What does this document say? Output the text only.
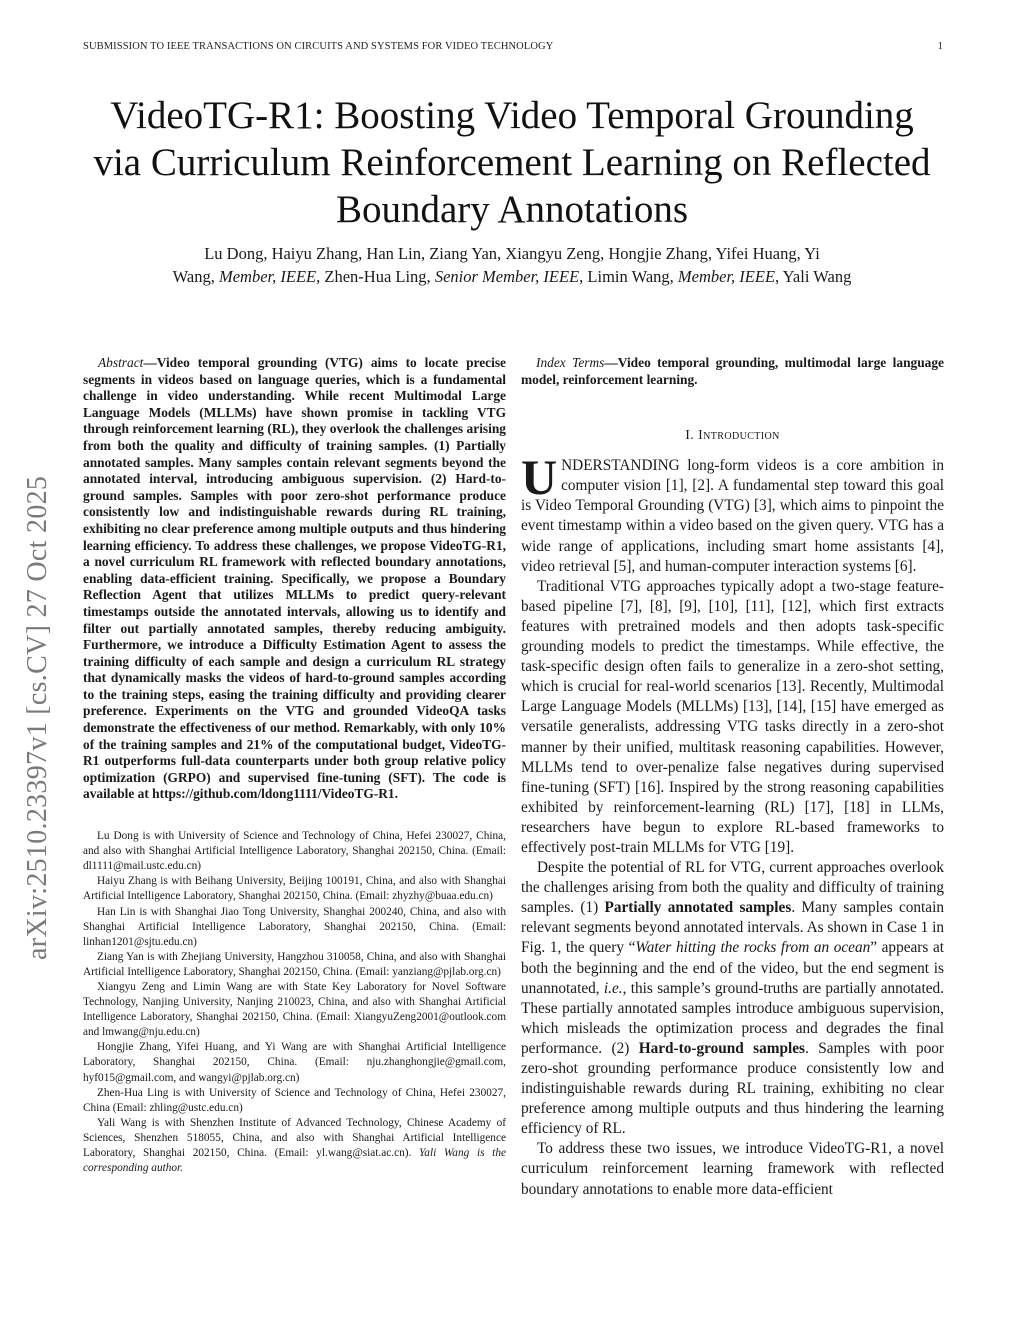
SUBMISSION TO IEEE TRANSACTIONS ON CIRCUITS AND SYSTEMS FOR VIDEO TECHNOLOGY	1
VideoTG-R1: Boosting Video Temporal Grounding
via Curriculum Reinforcement Learning on Reflected
Boundary Annotations
Lu Dong, Haiyu Zhang, Han Lin, Ziang Yan, Xiangyu Zeng, Hongjie Zhang, Yifei Huang, Yi
Wang, Member, IEEE, Zhen-Hua Ling, Senior Member, IEEE, Limin Wang, Member, IEEE, Yali Wang
arXiv:2510.23397v1 [cs.CV] 27 Oct 2025

Abstract—Video temporal grounding (VTG) aims to locate precise segments in videos based on language queries, which is a fundamental challenge in video understanding. While recent Multimodal Large Language Models (MLLMs) have shown promise in tackling VTG through reinforcement learning (RL), they overlook the challenges arising from both the quality and difficulty of training samples. (1) Partially annotated samples. Many samples contain relevant segments beyond the annotated interval, introducing ambiguous supervision. (2) Hard-to-ground samples. Samples with poor zero-shot performance produce consistently low and indistinguishable rewards during RL training, exhibiting no clear preference among multiple outputs and thus hindering learning efficiency. To address these challenges, we propose VideoTG-R1, a novel curriculum RL framework with reflected boundary annotations, enabling data-efficient training. Specifically, we propose a Boundary Reflection Agent that utilizes MLLMs to predict query-relevant timestamps outside the annotated intervals, allowing us to identify and filter out partially annotated samples, thereby reducing ambiguity. Furthermore, we introduce a Difficulty Estimation Agent to assess the training difficulty of each sample and design a curriculum RL strategy that dynamically masks the videos of hard-to-ground samples according to the training steps, easing the training difficulty and providing clearer preference. Experiments on the VTG and grounded VideoQA tasks demonstrate the effectiveness of our method. Remarkably, with only 10% of the training samples and 21% of the computational budget, VideoTG-R1 outperforms full-data counterparts under both group relative policy optimization (GRPO) and supervised fine-tuning (SFT). The code is available at https://github.com/ldong1111/VideoTG-R1.

Lu Dong is with University of Science and Technology of China, Hefei 230027, China, and also with Shanghai Artificial Intelligence Laboratory, Shanghai 202150, China. (Email: dl1111@mail.ustc.edu.cn)

Haiyu Zhang is with Beihang University, Beijing 100191, China, and also with Shanghai Artificial Intelligence Laboratory, Shanghai 202150, China. (Email: zhyzhy@buaa.edu.cn)

Han Lin is with Shanghai Jiao Tong University, Shanghai 200240, China, and also with Shanghai Artificial Intelligence Laboratory, Shanghai 202150, China. (Email: linhan1201@sjtu.edu.cn)

Ziang Yan is with Zhejiang University, Hangzhou 310058, China, and also with Shanghai Artificial Intelligence Laboratory, Shanghai 202150, China. (Email: yanziang@pjlab.org.cn)

Xiangyu Zeng and Limin Wang are with State Key Laboratory for Novel Software Technology, Nanjing University, Nanjing 210023, China, and also with Shanghai Artificial Intelligence Laboratory, Shanghai 202150, China. (Email: XiangyuZeng2001@outlook.com and lmwang@nju.edu.cn)

Hongjie Zhang, Yifei Huang, and Yi Wang are with Shanghai Artificial Intelligence Laboratory, Shanghai 202150, China. (Email: nju.zhanghongjie@gmail.com, hyf015@gmail.com, and wangyi@pjlab.org.cn)

Zhen-Hua Ling is with University of Science and Technology of China, Hefei 230027, China (Email: zhling@ustc.edu.cn)

Yali Wang is with Shenzhen Institute of Advanced Technology, Chinese Academy of Sciences, Shenzhen 518055, China, and also with Shanghai Artificial Intelligence Laboratory, Shanghai 202150, China. (Email: yl.wang@siat.ac.cn). Yali Wang is the corresponding author.

Index Terms—Video temporal grounding, multimodal large language model, reinforcement learning.

I. Introduction

UNDERSTANDING long-form videos is a core ambition in computer vision [1], [2]. A fundamental step toward this goal is Video Temporal Grounding (VTG) [3], which aims to pinpoint the event timestamp within a video based on the given query. VTG has a wide range of applications, including smart home assistants [4], video retrieval [5], and human-computer interaction systems [6].

Traditional VTG approaches typically adopt a two-stage feature-based pipeline [7], [8], [9], [10], [11], [12], which first extracts features with pretrained models and then adopts task-specific grounding models to predict the timestamps. While effective, the task-specific design often fails to generalize in a zero-shot setting, which is crucial for real-world scenarios [13]. Recently, Multimodal Large Language Models (MLLMs) [13], [14], [15] have emerged as versatile generalists, addressing VTG tasks directly in a zero-shot manner by their unified, multitask reasoning capabilities. However, MLLMs tend to over-penalize false negatives during supervised fine-tuning (SFT) [16]. Inspired by the strong reasoning capabilities exhibited by reinforcement-learning (RL) [17], [18] in LLMs, researchers have begun to explore RL-based frameworks to effectively post-train MLLMs for VTG [19].

Despite the potential of RL for VTG, current approaches overlook the challenges arising from both the quality and difficulty of training samples. (1) Partially annotated samples. Many samples contain relevant segments beyond annotated intervals. As shown in Case 1 in Fig. 1, the query “Water hitting the rocks from an ocean” appears at both the beginning and the end of the video, but the end segment is unannotated, i.e., this sample’s ground-truths are partially annotated. These partially annotated samples introduce ambiguous supervision, which misleads the optimization process and degrades the final performance. (2) Hard-to-ground samples. Samples with poor zero-shot grounding performance produce consistently low and indistinguishable rewards during RL training, exhibiting no clear preference among multiple outputs and thus hindering the learning efficiency of RL.

To address these two issues, we introduce VideoTG-R1, a novel curriculum reinforcement learning framework with reflected boundary annotations to enable more data-efficient
